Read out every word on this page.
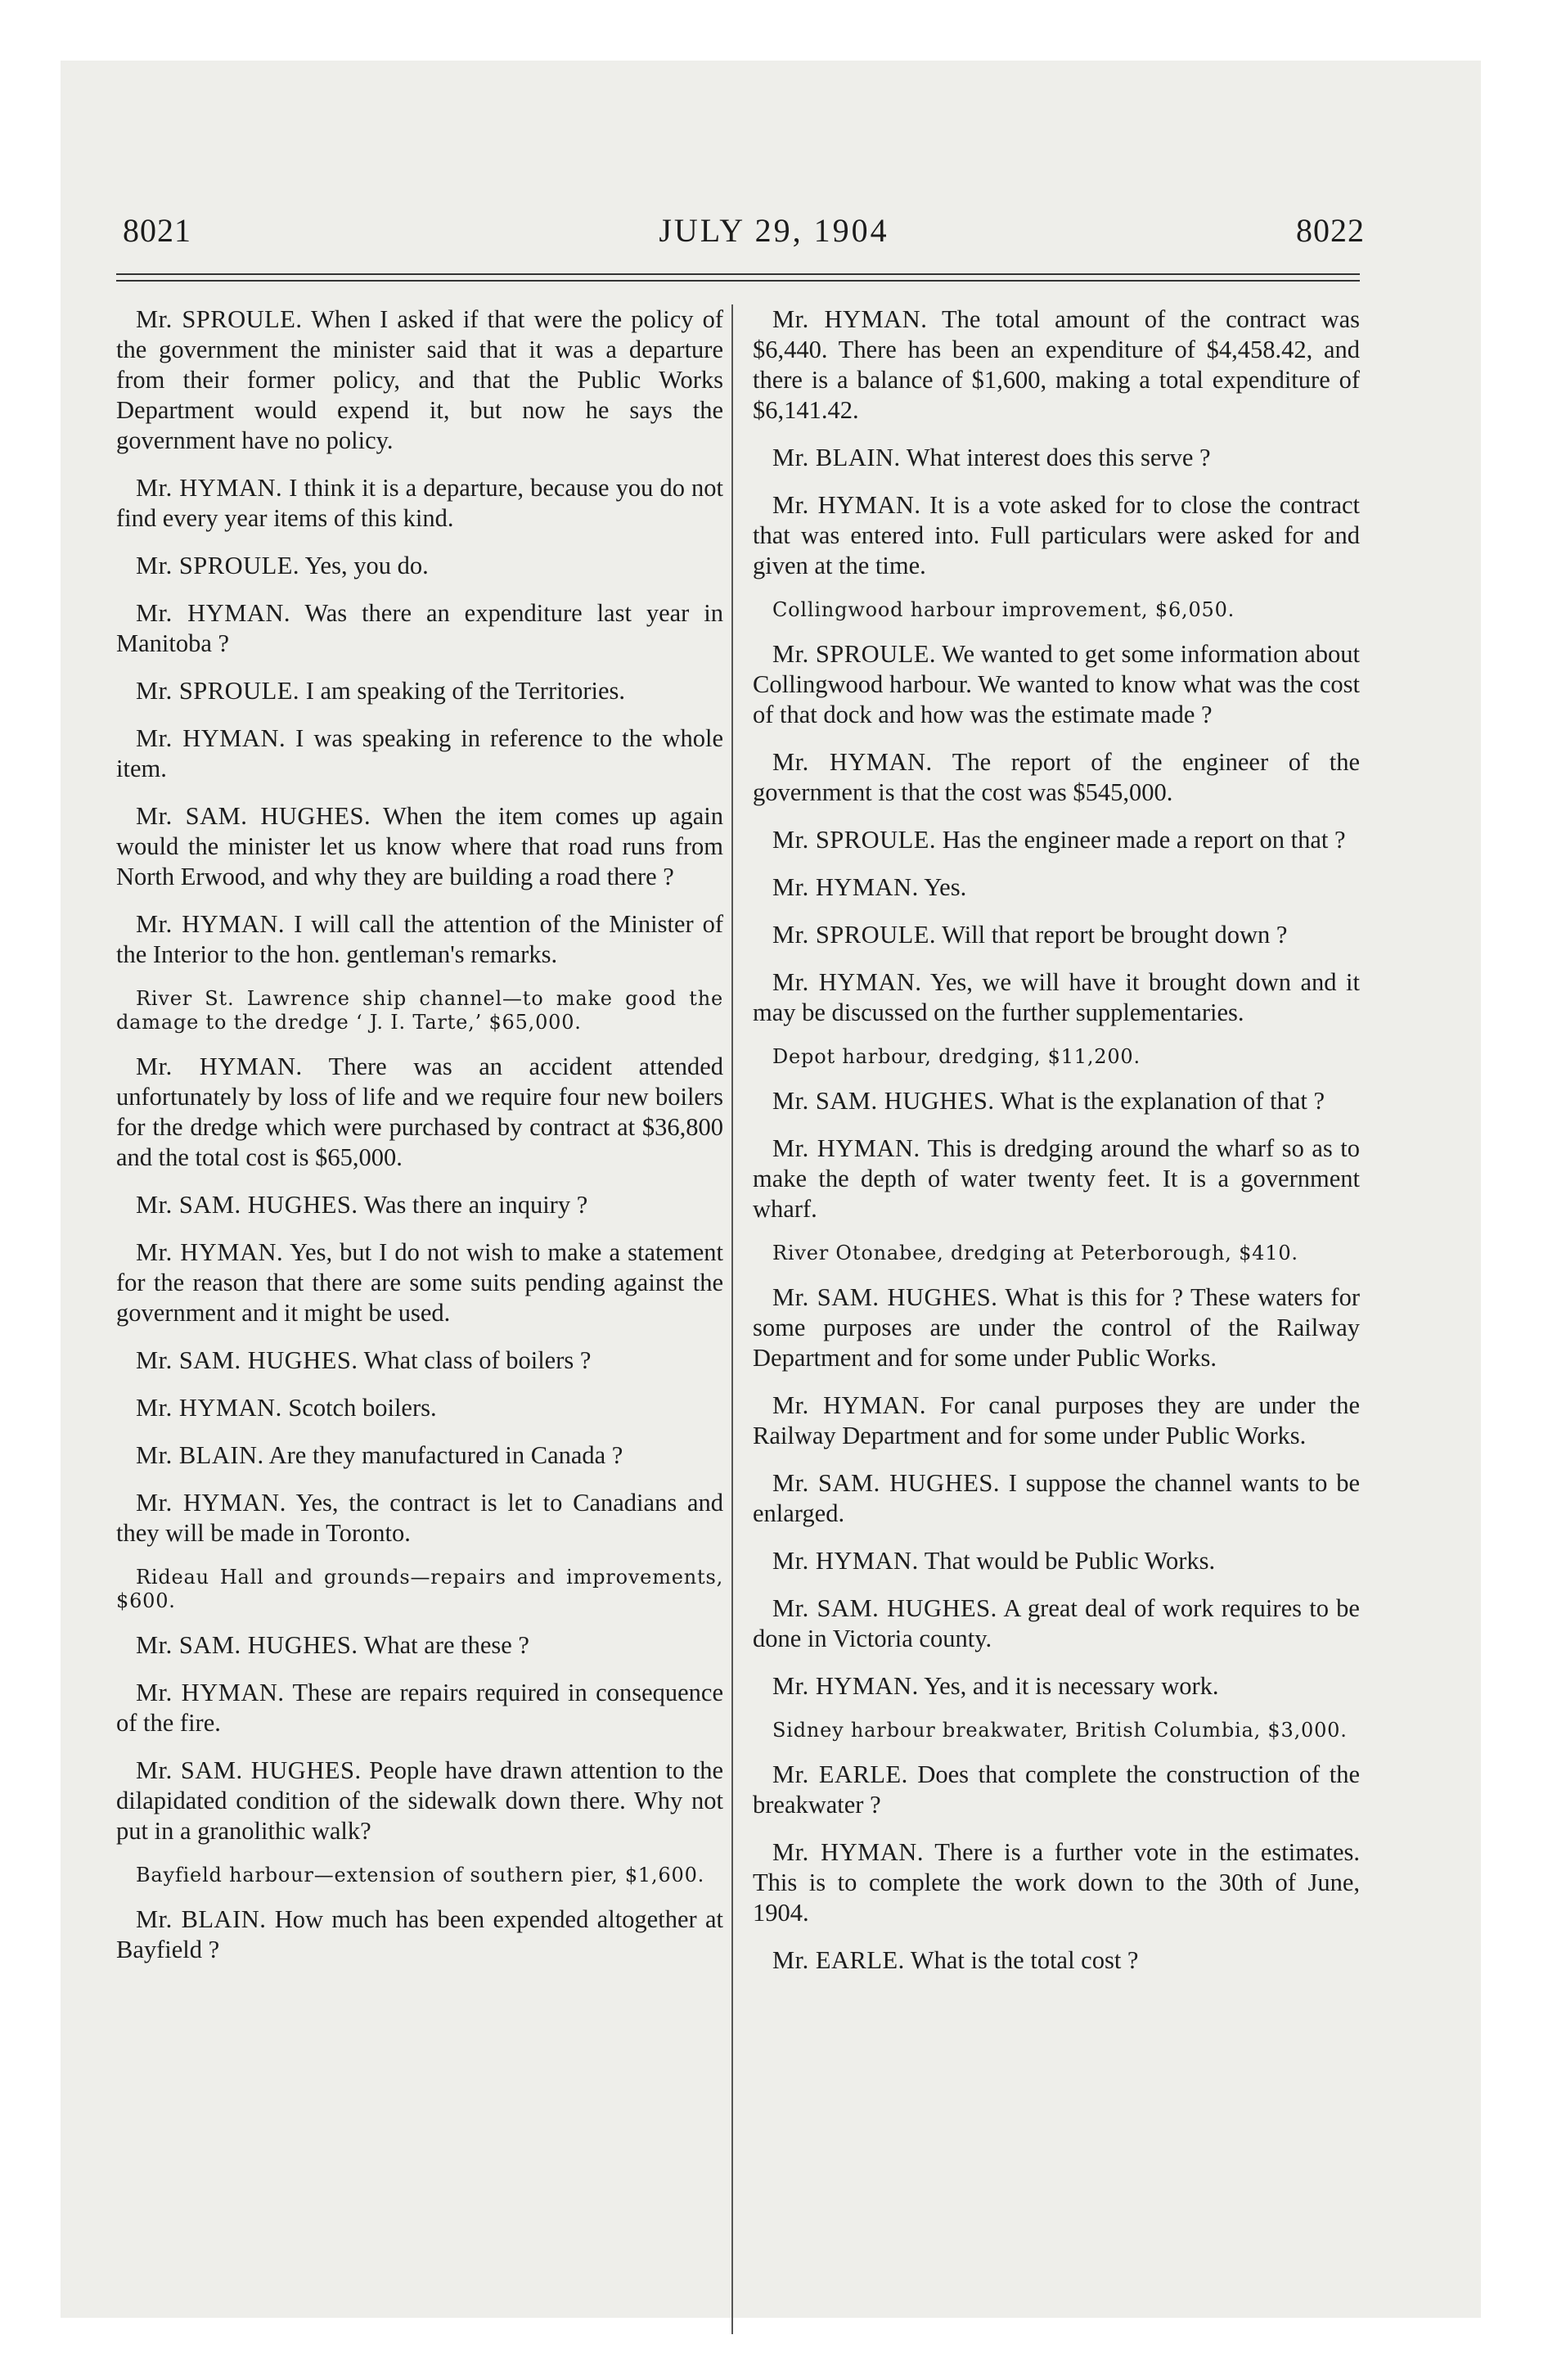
8021	JULY 29, 1904	8022

Mr. SPROULE. When I asked if that were the policy of the government the minister said that it was a departure from their former policy, and that the Public Works Department would expend it, but now he says the government have no policy.

Mr. HYMAN. I think it is a departure, because you do not find every year items of this kind.

Mr. SPROULE. Yes, you do.

Mr. HYMAN. Was there an expenditure last year in Manitoba ?

Mr. SPROULE. I am speaking of the Territories.

Mr. HYMAN. I was speaking in reference to the whole item.

Mr. SAM. HUGHES. When the item comes up again would the minister let us know where that road runs from North Erwood, and why they are building a road there ?

Mr. HYMAN. I will call the attention of the Minister of the Interior to the hon. gentleman's remarks.

River St. Lawrence ship channel—to make good the damage to the dredge ‘ J. I. Tarte,’ $65,000.

Mr. HYMAN. There was an accident attended unfortunately by loss of life and we require four new boilers for the dredge which were purchased by contract at $36,800 and the total cost is $65,000.

Mr. SAM. HUGHES. Was there an inquiry ?

Mr. HYMAN. Yes, but I do not wish to make a statement for the reason that there are some suits pending against the government and it might be used.

Mr. SAM. HUGHES. What class of boilers ?

Mr. HYMAN. Scotch boilers.

Mr. BLAIN. Are they manufactured in Canada ?

Mr. HYMAN. Yes, the contract is let to Canadians and they will be made in Toronto.

Rideau Hall and grounds—repairs and improvements, $600.

Mr. SAM. HUGHES. What are these ?

Mr. HYMAN. These are repairs required in consequence of the fire.

Mr. SAM. HUGHES. People have drawn attention to the dilapidated condition of the sidewalk down there. Why not put in a granolithic walk?

Bayfield harbour—extension of southern pier, $1,600.

Mr. BLAIN. How much has been expended altogether at Bayfield ?

Mr. HYMAN. The total amount of the contract was $6,440. There has been an expenditure of $4,458.42, and there is a balance of $1,600, making a total expenditure of $6,141.42.

Mr. BLAIN. What interest does this serve ?

Mr. HYMAN. It is a vote asked for to close the contract that was entered into. Full particulars were asked for and given at the time.

Collingwood harbour improvement, $6,050.

Mr. SPROULE. We wanted to get some information about Collingwood harbour. We wanted to know what was the cost of that dock and how was the estimate made ?

Mr. HYMAN. The report of the engineer of the government is that the cost was $545,000.

Mr. SPROULE. Has the engineer made a report on that ?

Mr. HYMAN. Yes.

Mr. SPROULE. Will that report be brought down ?

Mr. HYMAN. Yes, we will have it brought down and it may be discussed on the further supplementaries.

Depot harbour, dredging, $11,200.

Mr. SAM. HUGHES. What is the explanation of that ?

Mr. HYMAN. This is dredging around the wharf so as to make the depth of water twenty feet. It is a government wharf.

River Otonabee, dredging at Peterborough, $410.

Mr. SAM. HUGHES. What is this for ? These waters for some purposes are under the control of the Railway Department and for some under Public Works.

Mr. HYMAN. For canal purposes they are under the Railway Department and for some under Public Works.

Mr. SAM. HUGHES. I suppose the channel wants to be enlarged.

Mr. HYMAN. That would be Public Works.

Mr. SAM. HUGHES. A great deal of work requires to be done in Victoria county.

Mr. HYMAN. Yes, and it is necessary work.

Sidney harbour breakwater, British Columbia, $3,000.

Mr. EARLE. Does that complete the construction of the breakwater ?

Mr. HYMAN. There is a further vote in the estimates. This is to complete the work down to the 30th of June, 1904.

Mr. EARLE. What is the total cost ?
